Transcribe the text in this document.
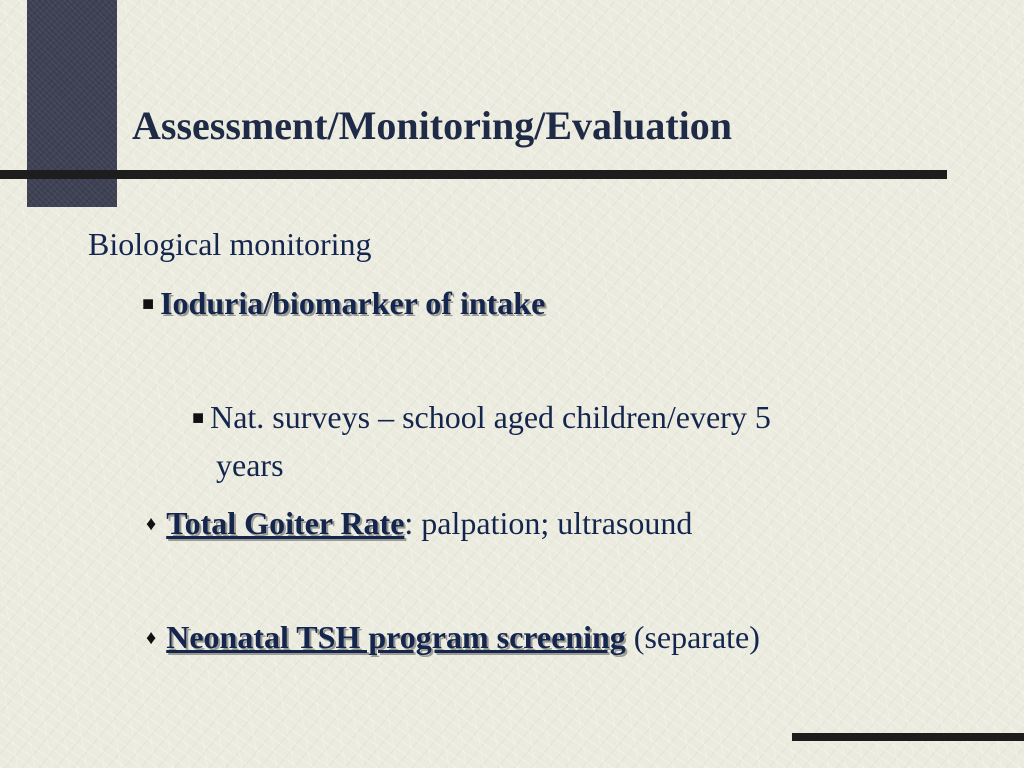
Assessment/Monitoring/Evaluation
Biological monitoring
■ Ioduria/biomarker of intake
■ Nat. surveys – school aged children/every 5
years
♦ Total Goiter Rate: palpation; ultrasound
♦ Neonatal TSH program screening (separate)
